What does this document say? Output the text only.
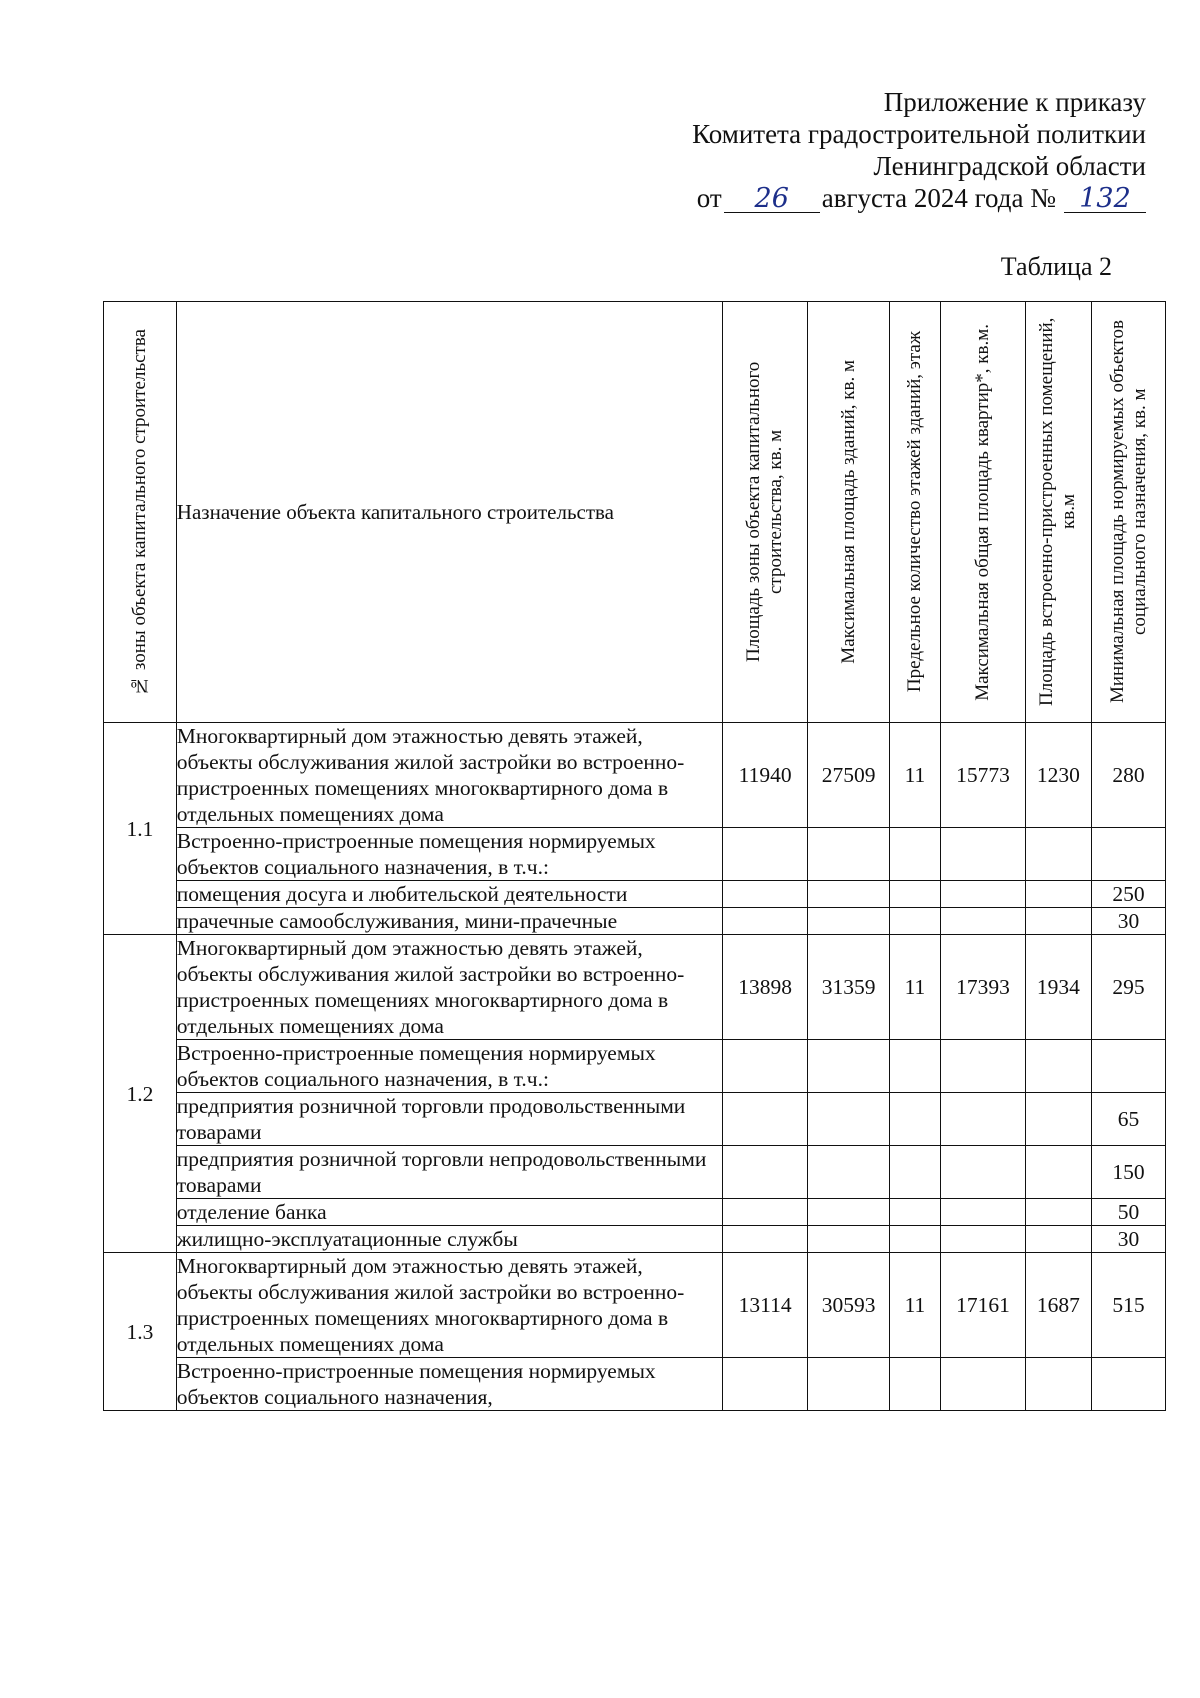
Приложение к приказу
Комитета градостроительной политкии
Ленинградской области
от	26	августа 2024 года № 132
Таблица 2
№ зоны объекта капитального строительства	Назначение объекта капитального строительства	Площадь зоны объекта капитального строительства, кв. м	Максимальная площадь зданий, кв. м	Предельное количество этажей зданий, этаж	Максимальная общая площадь квартир*, кв.м.	Площадь встроенно-пристроенных помещений, кв.м	Минимальная площадь нормируемых объектов социального назначения, кв. м

1.1	Многоквартирный дом этажностью девять этажей, объекты обслуживания жилой застройки во встроенно-пристроенных помещениях многоквартирного дома в отдельных помещениях дома	11940	27509	11	15773	1230	280
	Встроенно-пристроенные помещения нормируемых объектов социального назначения, в т.ч.:						
	помещения досуга и любительской деятельности						250
	прачечные самообслуживания, мини-прачечные						30
1.2	Многоквартирный дом этажностью девять этажей, объекты обслуживания жилой застройки во встроенно-пристроенных помещениях многоквартирного дома в отдельных помещениях дома	13898	31359	11	17393	1934	295
	Встроенно-пристроенные помещения нормируемых объектов социального назначения, в т.ч.:						
	предприятия розничной торговли продовольственными товарами						65
	предприятия розничной торговли непродовольственными товарами						150
	отделение банка						50
	жилищно-эксплуатационные службы						30
1.3	Многоквартирный дом этажностью девять этажей, объекты обслуживания жилой застройки во встроенно-пристроенных помещениях многоквартирного дома в отдельных помещениях дома	13114	30593	11	17161	1687	515
	Встроенно-пристроенные помещения нормируемых объектов социального назначения,						
